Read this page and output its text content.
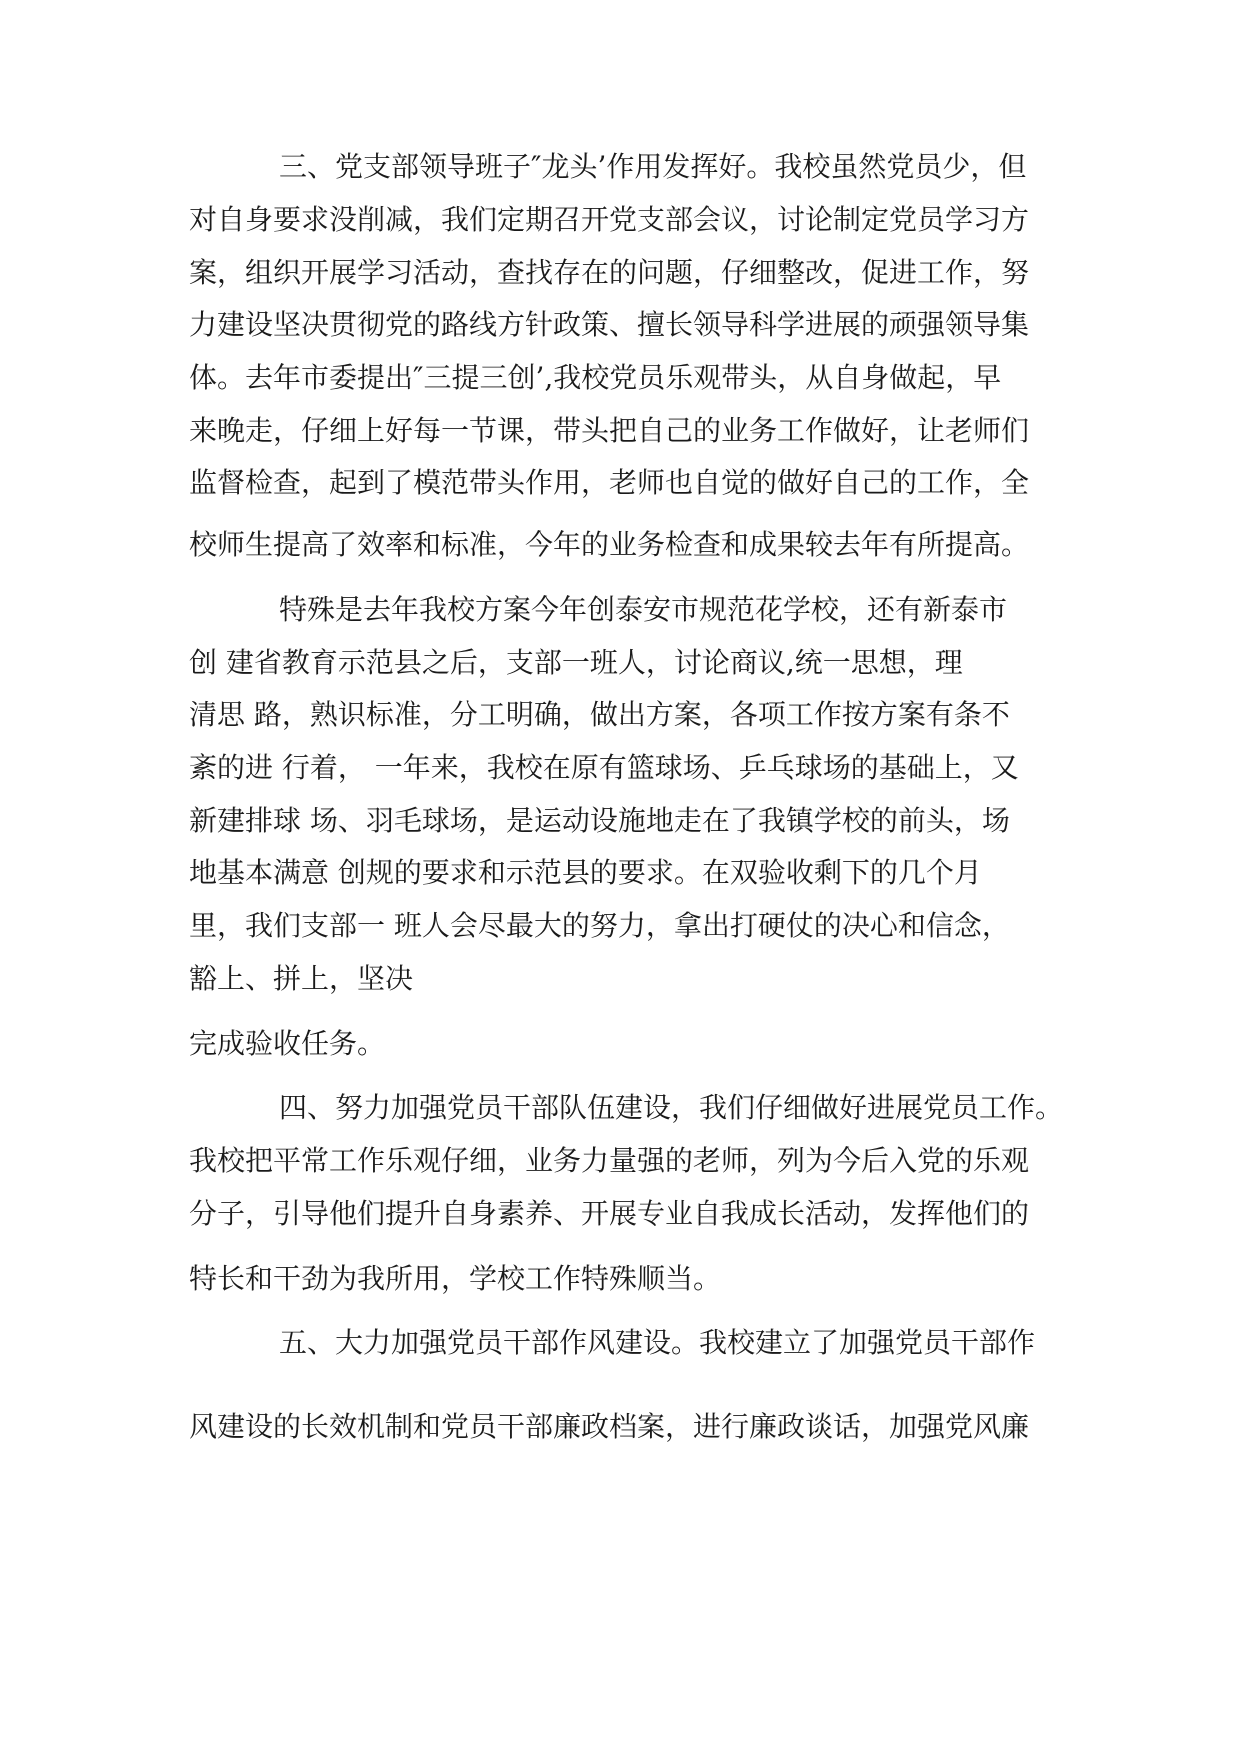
三、党支部领导班子″龙头’作用发挥好。我校虽然党员少，但
对自身要求没削减，我们定期召开党支部会议，讨论制定党员学习方
案，组织开展学习活动，查找存在的问题，仔细整改，促进工作，努
力建设坚决贯彻党的路线方针政策、擅长领导科学进展的顽强领导集
体。去年市委提出″三提三创’,我校党员乐观带头，从自身做起，早
来晚走，仔细上好每一节课，带头把自己的业务工作做好，让老师们
监督检查，起到了模范带头作用，老师也自觉的做好自己的工作，全
校师生提高了效率和标准，今年的业务检查和成果较去年有所提高。
特殊是去年我校方案今年创泰安市规范花学校，还有新泰市
创 建省教育示范县之后，支部一班人，讨论商议,统一思想，理
清思 路，熟识标准，分工明确，做出方案，各项工作按方案有条不
紊的进 行着， 一年来，我校在原有篮球场、乒乓球场的基础上，又
新建排球 场、羽毛球场，是运动设施地走在了我镇学校的前头，场
地基本满意 创规的要求和示范县的要求。在双验收剩下的几个月
里，我们支部一 班人会尽最大的努力，拿出打硬仗的决心和信念，
豁上、拼上，坚决
完成验收任务。
四、努力加强党员干部队伍建设，我们仔细做好进展党员工作。
我校把平常工作乐观仔细，业务力量强的老师，列为今后入党的乐观
分子，引导他们提升自身素养、开展专业自我成长活动，发挥他们的
特长和干劲为我所用，学校工作特殊顺当。
五、大力加强党员干部作风建设。我校建立了加强党员干部作
风建设的长效机制和党员干部廉政档案，进行廉政谈话，加强党风廉
